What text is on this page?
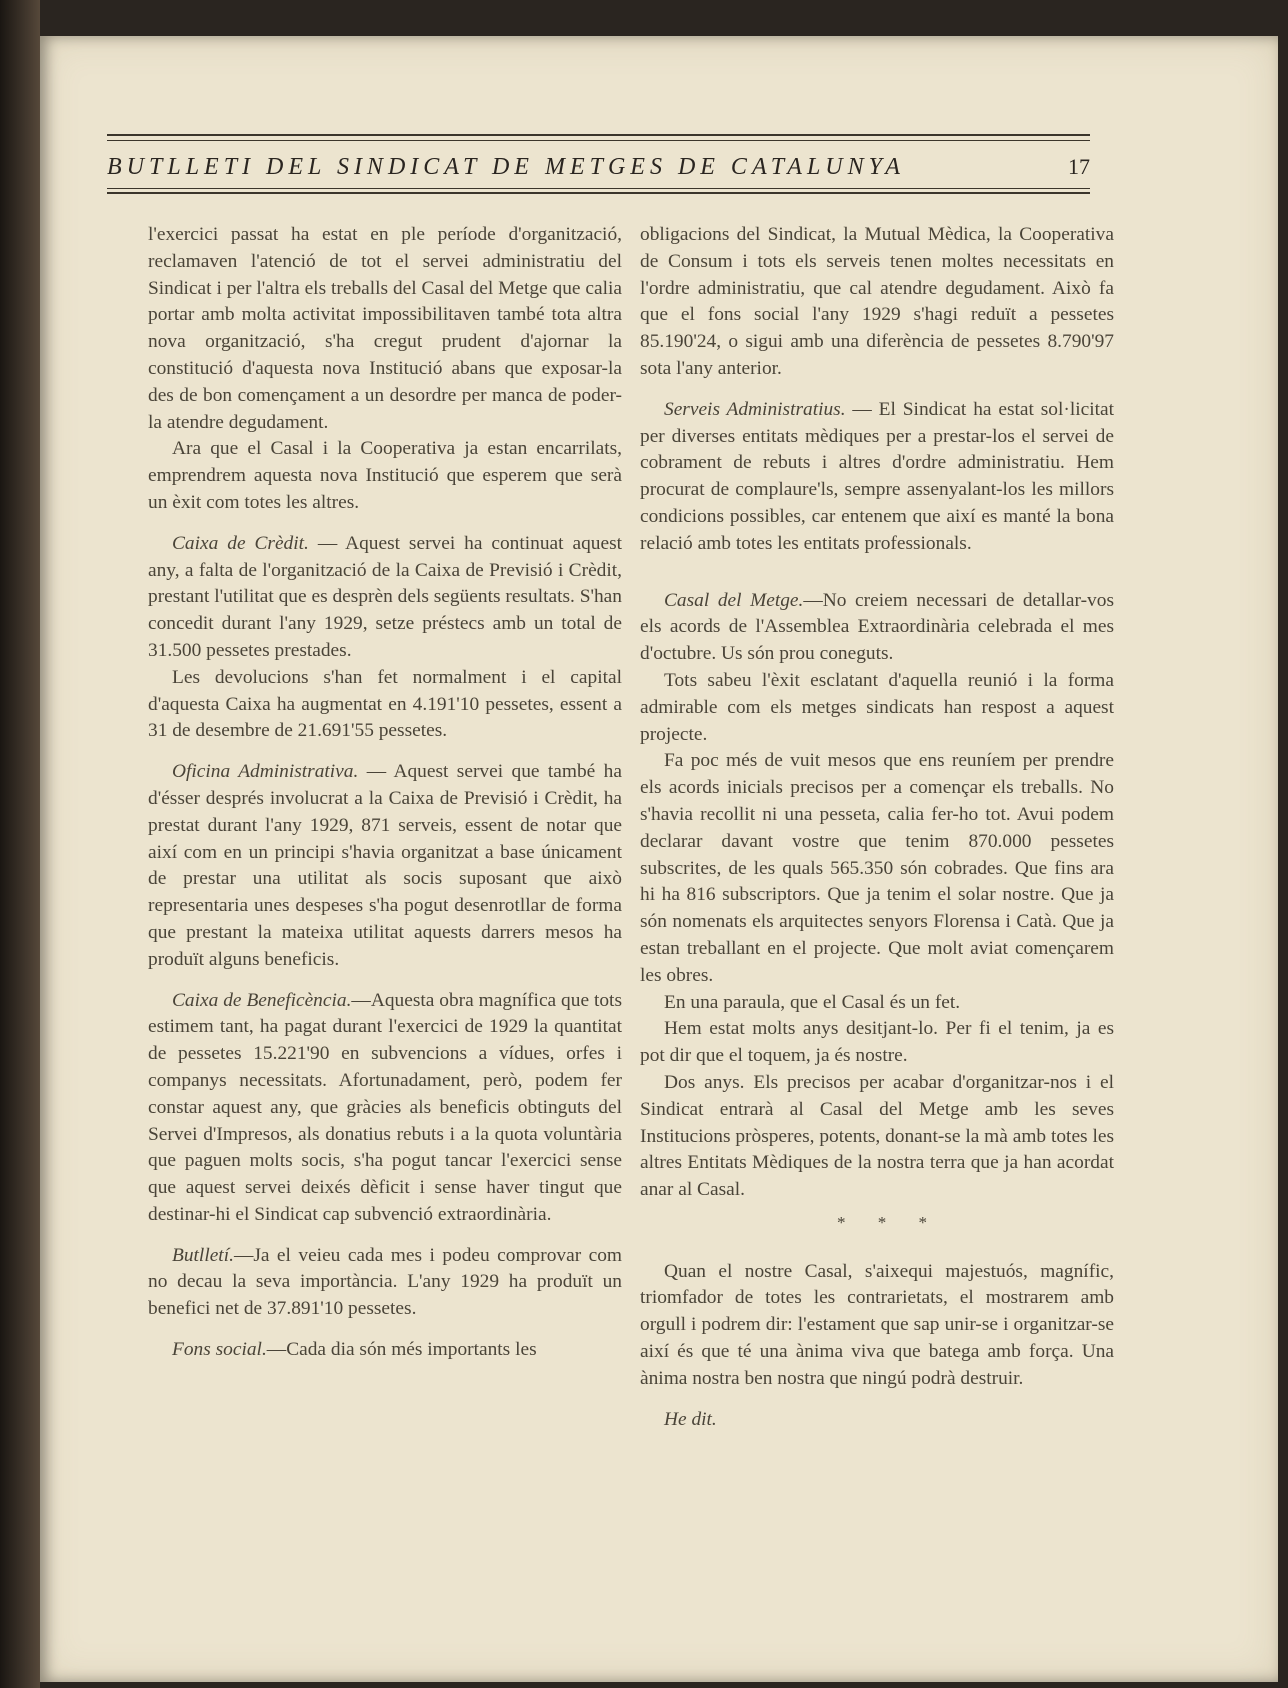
BUTLLETI DEL SINDICAT DE METGES DE CATALUNYA	17

l'exercici passat ha estat en ple període d'organització, reclamaven l'atenció de tot el servei administratiu del Sindicat i per l'altra els treballs del Casal del Metge que calia portar amb molta activitat impossibilitaven també tota altra nova organització, s'ha cregut prudent d'ajornar la constitució d'aquesta nova Institució abans que exposar-la des de bon començament a un desordre per manca de poder-la atendre degudament.

Ara que el Casal i la Cooperativa ja estan encarrilats, emprendrem aquesta nova Institució que esperem que serà un èxit com totes les altres.

Caixa de Crèdit. — Aquest servei ha continuat aquest any, a falta de l'organització de la Caixa de Previsió i Crèdit, prestant l'utilitat que es desprèn dels següents resultats. S'han concedit durant l'any 1929, setze préstecs amb un total de 31.500 pessetes prestades.

Les devolucions s'han fet normalment i el capital d'aquesta Caixa ha augmentat en 4.191'10 pessetes, essent a 31 de desembre de 21.691'55 pessetes.

Oficina Administrativa. — Aquest servei que també ha d'ésser després involucrat a la Caixa de Previsió i Crèdit, ha prestat durant l'any 1929, 871 serveis, essent de notar que així com en un principi s'havia organitzat a base únicament de prestar una utilitat als socis suposant que això representaria unes despeses s'ha pogut desenrotllar de forma que prestant la mateixa utilitat aquests darrers mesos ha produït alguns beneficis.

Caixa de Beneficència.—Aquesta obra magnífica que tots estimem tant, ha pagat durant l'exercici de 1929 la quantitat de pessetes 15.221'90 en subvencions a vídues, orfes i companys necessitats. Afortunadament, però, podem fer constar aquest any, que gràcies als beneficis obtinguts del Servei d'Impresos, als donatius rebuts i a la quota voluntària que paguen molts socis, s'ha pogut tancar l'exercici sense que aquest servei deixés dèficit i sense haver tingut que destinar-hi el Sindicat cap subvenció extraordinària.

Butlletí.—Ja el veieu cada mes i podeu comprovar com no decau la seva importància. L'any 1929 ha produït un benefici net de 37.891'10 pessetes.

Fons social.—Cada dia són més importants les

obligacions del Sindicat, la Mutual Mèdica, la Cooperativa de Consum i tots els serveis tenen moltes necessitats en l'ordre administratiu, que cal atendre degudament. Això fa que el fons social l'any 1929 s'hagi reduït a pessetes 85.190'24, o sigui amb una diferència de pessetes 8.790'97 sota l'any anterior.

Serveis Administratius. — El Sindicat ha estat sol·licitat per diverses entitats mèdiques per a prestar-los el servei de cobrament de rebuts i altres d'ordre administratiu. Hem procurat de complaure'ls, sempre assenyalant-los les millors condicions possibles, car entenem que així es manté la bona relació amb totes les entitats professionals.

Casal del Metge.—No creiem necessari de detallar-vos els acords de l'Assemblea Extraordinària celebrada el mes d'octubre. Us són prou coneguts.

Tots sabeu l'èxit esclatant d'aquella reunió i la forma admirable com els metges sindicats han respost a aquest projecte.

Fa poc més de vuit mesos que ens reuníem per prendre els acords inicials precisos per a començar els treballs. No s'havia recollit ni una pesseta, calia fer-ho tot. Avui podem declarar davant vostre que tenim 870.000 pessetes subscrites, de les quals 565.350 són cobrades. Que fins ara hi ha 816 subscriptors. Que ja tenim el solar nostre. Que ja són nomenats els arquitectes senyors Florensa i Catà. Que ja estan treballant en el projecte. Que molt aviat començarem les obres.

En una paraula, que el Casal és un fet.

Hem estat molts anys desitjant-lo. Per fi el tenim, ja es pot dir que el toquem, ja és nostre.

Dos anys. Els precisos per acabar d'organitzar-nos i el Sindicat entrarà al Casal del Metge amb les seves Institucions pròsperes, potents, donant-se la mà amb totes les altres Entitats Mèdiques de la nostra terra que ja han acordat anar al Casal.

* * *

Quan el nostre Casal, s'aixequi majestuós, magnífic, triomfador de totes les contrarietats, el mostrarem amb orgull i podrem dir: l'estament que sap unir-se i organitzar-se així és que té una ànima viva que batega amb força. Una ànima nostra ben nostra que ningú podrà destruir.

He dit.
